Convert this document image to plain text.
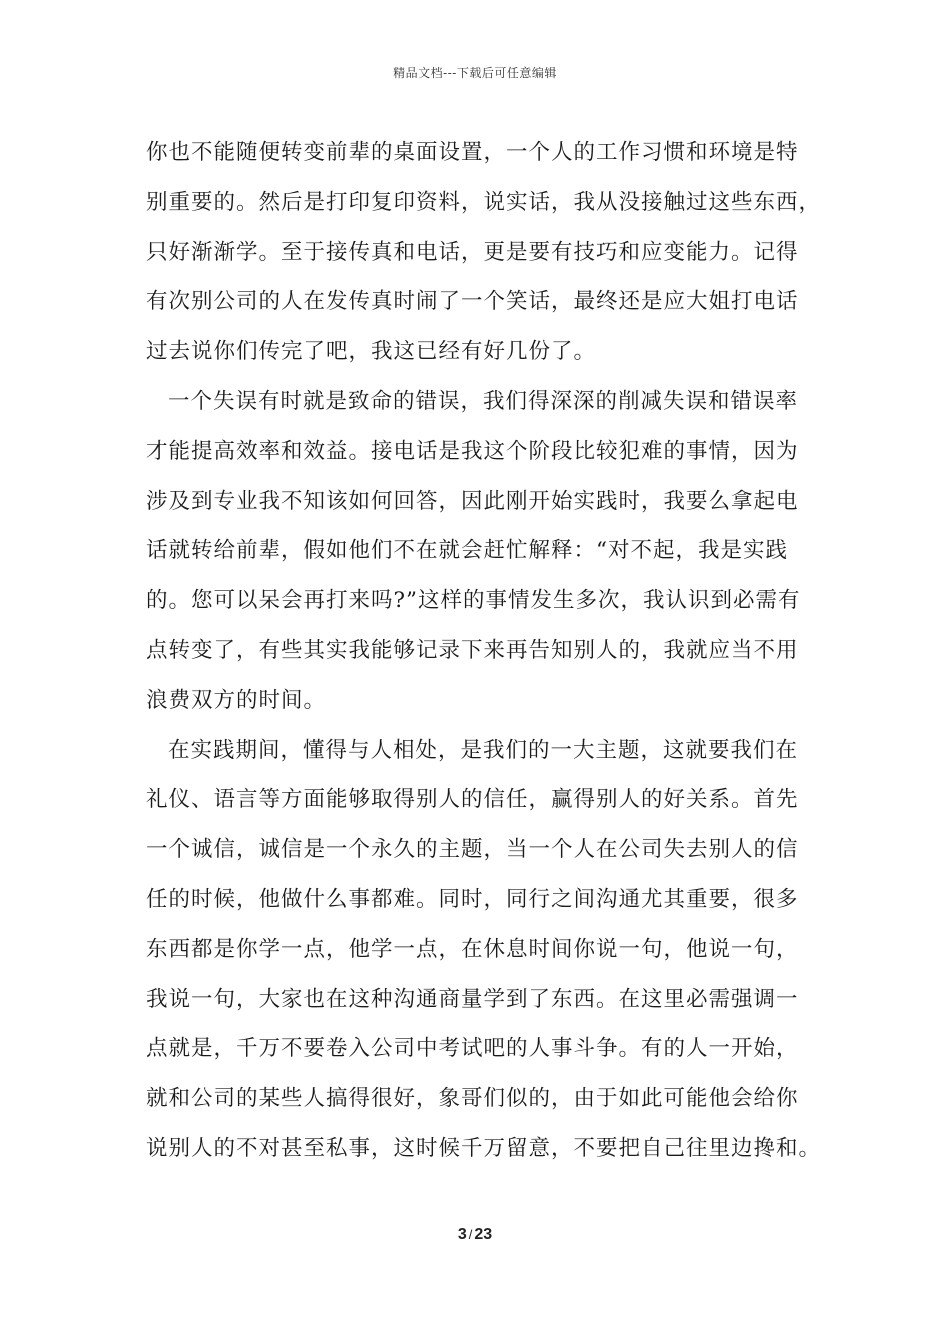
精品文档---下载后可任意编辑
你也不能随便转变前辈的桌面设置，一个人的工作习惯和环境是特
别重要的。然后是打印复印资料，说实话，我从没接触过这些东西，
只好渐渐学。至于接传真和电话，更是要有技巧和应变能力。记得
有次别公司的人在发传真时闹了一个笑话，最终还是应大姐打电话
过去说你们传完了吧，我这已经有好几份了。
一个失误有时就是致命的错误，我们得深深的削减失误和错误率
才能提高效率和效益。接电话是我这个阶段比较犯难的事情，因为
涉及到专业我不知该如何回答，因此刚开始实践时，我要么拿起电
话就转给前辈，假如他们不在就会赶忙解释：“对不起，我是实践
的。您可以呆会再打来吗?”这样的事情发生多次，我认识到必需有
点转变了，有些其实我能够记录下来再告知别人的，我就应当不用
浪费双方的时间。
在实践期间，懂得与人相处，是我们的一大主题，这就要我们在
礼仪、语言等方面能够取得别人的信任，赢得别人的好关系。首先
一个诚信，诚信是一个永久的主题，当一个人在公司失去别人的信
任的时候，他做什么事都难。同时，同行之间沟通尤其重要，很多
东西都是你学一点，他学一点，在休息时间你说一句，他说一句，
我说一句，大家也在这种沟通商量学到了东西。在这里必需强调一
点就是，千万不要卷入公司中考试吧的人事斗争。有的人一开始，
就和公司的某些人搞得很好，象哥们似的，由于如此可能他会给你
说别人的不对甚至私事，这时候千万留意，不要把自己往里边搀和。
3 / 23
